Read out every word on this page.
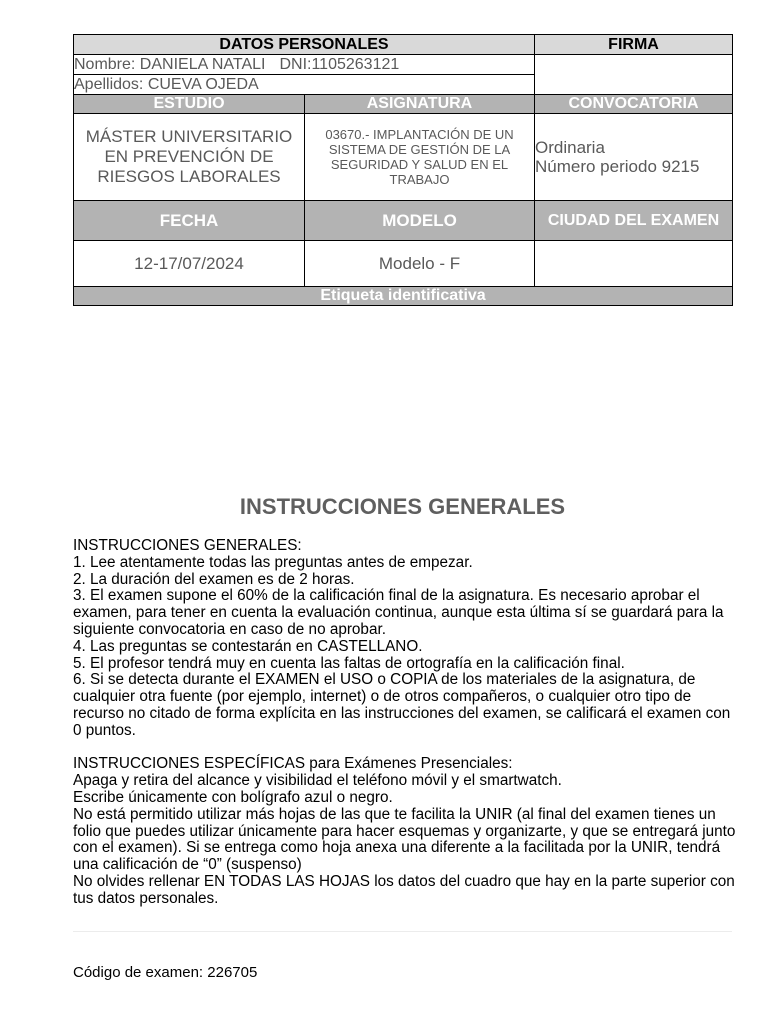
DATOS PERSONALES		FIRMA
Nombre: DANIELA NATALI DNI:1105263121		
Apellidos: CUEVA OJEDA		
ESTUDIO	ASIGNATURA	CONVOCATORIA
MÁSTER UNIVERSITARIO EN PREVENCIÓN DE RIESGOS LABORALES	03670.- IMPLANTACIÓN DE UN SISTEMA DE GESTIÓN DE LA SEGURIDAD Y SALUD EN EL TRABAJO	Ordinaria
Número periodo 9215

FECHA	MODELO	CIUDAD DEL EXAMEN
12-17/07/2024	Modelo - F	
Etiqueta identificativa		
INSTRUCCIONES GENERALES
INSTRUCCIONES GENERALES:
1. Lee atentamente todas las preguntas antes de empezar.
2. La duración del examen es de 2 horas.
3. El examen supone el 60% de la calificación final de la asignatura. Es necesario aprobar el examen, para tener en cuenta la evaluación continua, aunque esta última sí se guardará para la siguiente convocatoria en caso de no aprobar.
4. Las preguntas se contestarán en CASTELLANO.
5. El profesor tendrá muy en cuenta las faltas de ortografía en la calificación final.
6. Si se detecta durante el EXAMEN el USO o COPIA de los materiales de la asignatura, de cualquier otra fuente (por ejemplo, internet) o de otros compañeros, o cualquier otro tipo de recurso no citado de forma explícita en las instrucciones del examen, se calificará el examen con 0 puntos.
INSTRUCCIONES ESPECÍFICAS para Exámenes Presenciales:
Apaga y retira del alcance y visibilidad el teléfono móvil y el smartwatch.
Escribe únicamente con bolígrafo azul o negro.
No está permitido utilizar más hojas de las que te facilita la UNIR (al final del examen tienes un folio que puedes utilizar únicamente para hacer esquemas y organizarte, y que se entregará junto con el examen). Si se entrega como hoja anexa una diferente a la facilitada por la UNIR, tendrá una calificación de “0” (suspenso)
No olvides rellenar EN TODAS LAS HOJAS los datos del cuadro que hay en la parte superior con tus datos personales.
Código de examen: 226705
